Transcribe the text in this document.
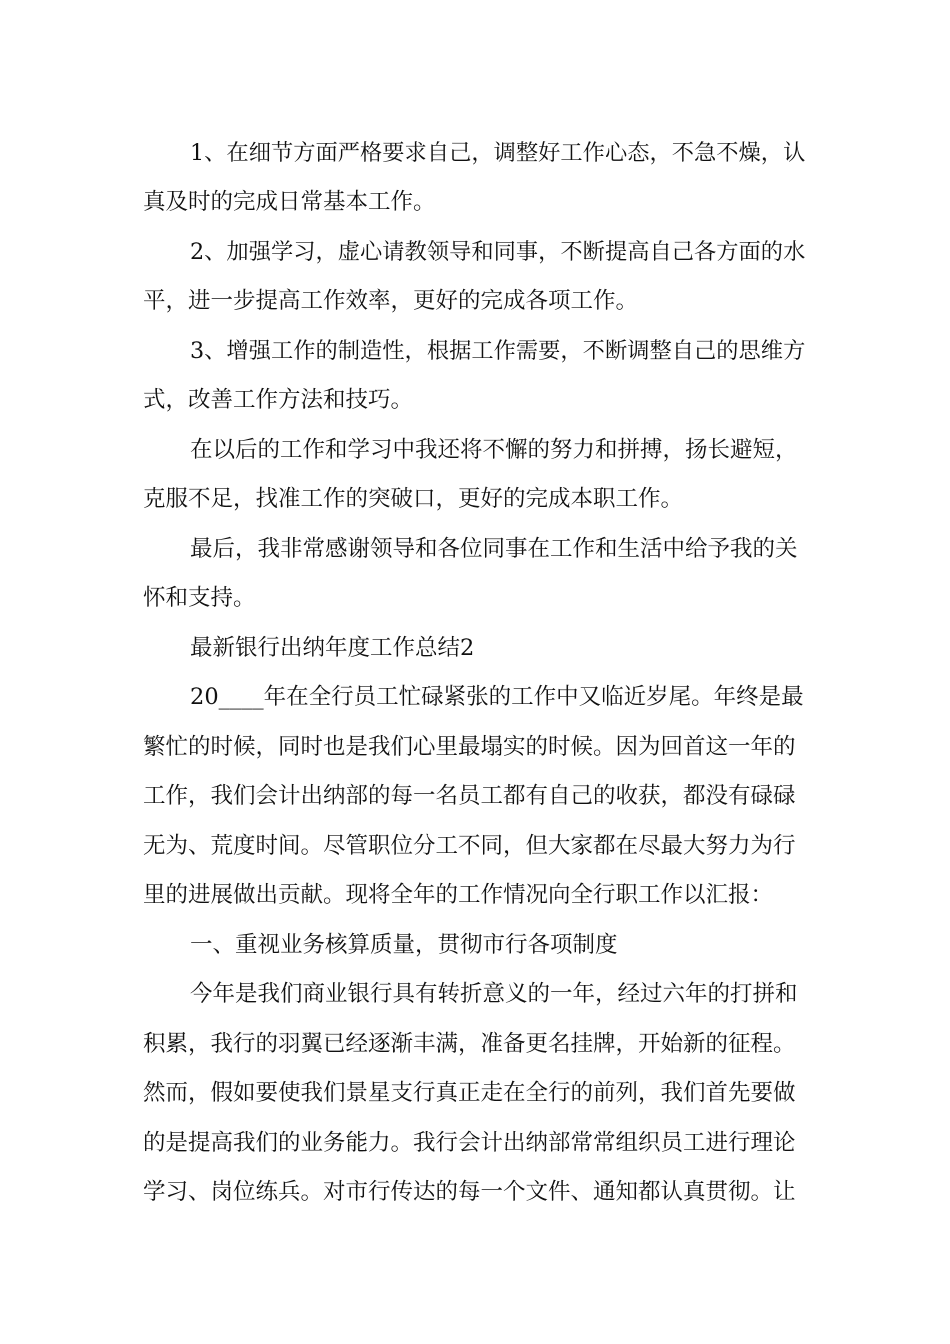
1、在细节方面严格要求自己，调整好工作心态，不急不燥，认
真及时的完成日常基本工作。
2、加强学习，虚心请教领导和同事，不断提高自己各方面的水
平，进一步提高工作效率，更好的完成各项工作。
3、增强工作的制造性，根据工作需要，不断调整自己的思维方
式，改善工作方法和技巧。
在以后的工作和学习中我还将不懈的努力和拼搏，扬长避短，
克服不足，找准工作的突破口，更好的完成本职工作。
最后，我非常感谢领导和各位同事在工作和生活中给予我的关
怀和支持。
最新银行出纳年度工作总结2
20____年在全行员工忙碌紧张的工作中又临近岁尾。年终是最
繁忙的时候，同时也是我们心里最塌实的时候。因为回首这一年的
工作，我们会计出纳部的每一名员工都有自己的收获，都没有碌碌
无为、荒度时间。尽管职位分工不同，但大家都在尽最大努力为行
里的进展做出贡献。现将全年的工作情况向全行职工作以汇报：
一、重视业务核算质量，贯彻市行各项制度
今年是我们商业银行具有转折意义的一年，经过六年的打拼和
积累，我行的羽翼已经逐渐丰满，准备更名挂牌，开始新的征程。
然而，假如要使我们景星支行真正走在全行的前列，我们首先要做
的是提高我们的业务能力。我行会计出纳部常常组织员工进行理论
学习、岗位练兵。对市行传达的每一个文件、通知都认真贯彻。让
